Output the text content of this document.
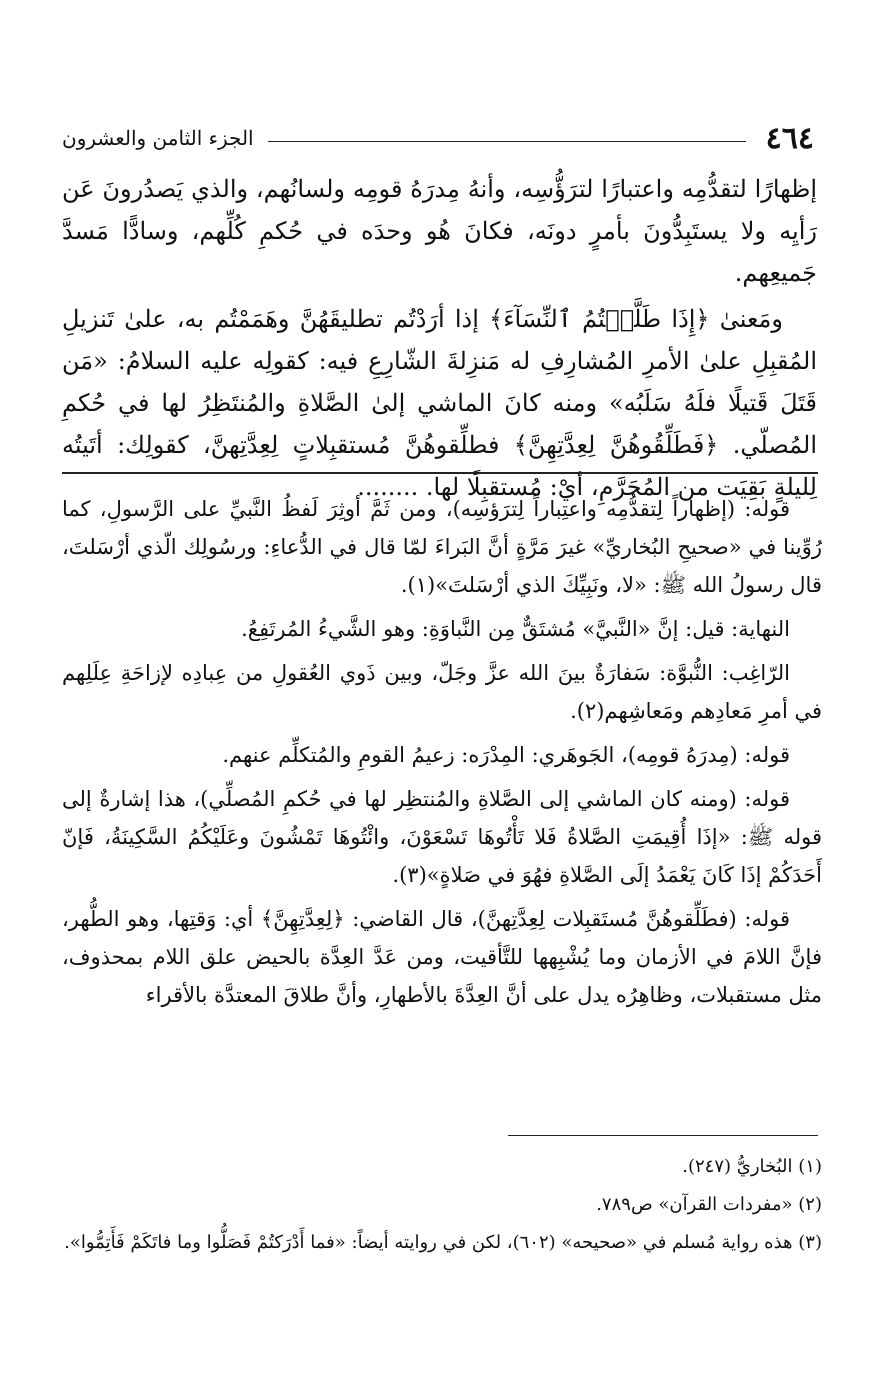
٤٦٤
الجزء الثامن والعشرون

إظهارًا لتقدُّمِه واعتبارًا لترَؤُّسِه، وأنهُ مِدرَهُ قومِه ولسانُهم، والذي يَصدُرونَ عَن رَأيِه ولا يستَبِدُّونَ بأمرٍ دونَه، فكانَ هُو وحدَه في حُكمِ كُلِّهم، وسادًّا مَسدَّ جَميعِهم.

ومَعنىٰ ﴿إِذَا طَلَّقۡتُمُ ٱلنِّسَآءَ﴾ إذا أرَدْتُم تطليقَهُنَّ وهَمَمْتُم به، علىٰ تَنزيلِ المُقبِلِ علىٰ الأمرِ المُشارِفِ له مَنزِلةَ الشّارِعِ فيه: كقولِه عليه السلامُ: «مَن قَتَلَ قَتيلًا فلَهُ سَلَبُه» ومنه كانَ الماشي إلىٰ الصَّلاةِ والمُنتَظِرُ لها في حُكمِ المُصلّي. ﴿فَطَلِّقُوهُنَّ لِعِدَّتِهِنَّ﴾ فطلِّقوهُنَّ مُستقبِلاتٍ لِعِدَّتِهنَّ، كقولِك: أتَيتُه لِليلةٍ بَقِيَت من المُحَرَّمِ، أيْ: مُستقبِلًا لها. ........

قوله: (إظهاراً لِتقدُّمِه واعتِباراً لِترَؤسِه)، ومن ثَمَّ أوثِرَ لَفظُ النَّبيِّ على الرَّسولِ، كما رُوِّينا في «صحيحِ البُخاريِّ» غيرَ مَرَّةٍ أنَّ البَراءَ لمّا قال في الدُّعاءِ: ورسُولِك الّذي أرْسَلتَ، قال رسولُ الله ﷺ: «لا، ونَبِيِّكَ الذي أرْسَلتَ»(١).

النهاية: قيل: إنَّ «النَّبيَّ» مُشتَقٌّ مِن النَّباوَةِ: وهو الشَّيءُ المُرتَفِعُ.

الرّاغِب: النُّبوَّة: سَفارَةٌ بينَ الله عزَّ وجَلّ، وبين ذَوي العُقولِ من عِبادِه لإزاحَةِ عِلَلِهم في أمرِ مَعادِهم ومَعاشِهم(٢).

قوله: (مِدرَهُ قومِه)، الجَوهَري: المِدْرَه: زعيمُ القومِ والمُتكلِّم عنهم.

قوله: (ومنه كان الماشي إلى الصَّلاةِ والمُنتظِر لها في حُكمِ المُصلِّي)، هذا إشارةٌ إلى قوله ﷺ: «إذَا أُقِيمَتِ الصَّلاةُ فَلا تَأْتُوهَا تَسْعَوْنَ، وائْتُوهَا تَمْشُونَ وعَلَيْكُمُ السَّكِينَةُ، فَإنّ أَحَدَكُمْ إذَا كَانَ يَعْمَدُ إلَى الصَّلاةِ فهُوَ في صَلاةٍ»(٣).

قوله: (فطَلِّقوهُنَّ مُستَقبِلات لِعِدَّتِهنَّ)، قال القاضي: ﴿لِعِدَّتِهِنَّ﴾ أي: وَقتِها، وهو الطُّهر، فإنَّ اللامَ في الأزمان وما يُشْبِهها للتَّأقيت، ومن عَدَّ العِدَّة بالحيض علق اللام بمحذوف، مثل مستقبلات، وظاهِرُه يدل على أنَّ العِدَّةَ بالأطهارِ، وأنَّ طلاقَ المعتدَّة بالأقراء

(١) البُخاريُّ (٢٤٧).

(٢) «مفردات القرآن» ص٧٨٩.

(٣) هذه رواية مُسلم في «صحيحه» (٦٠٢)، لكن في روايته أيضاً: «فما أَدْرَكتُمْ فَصَلُّوا وما فاتَكَمْ فَأَتِمُّوا».
